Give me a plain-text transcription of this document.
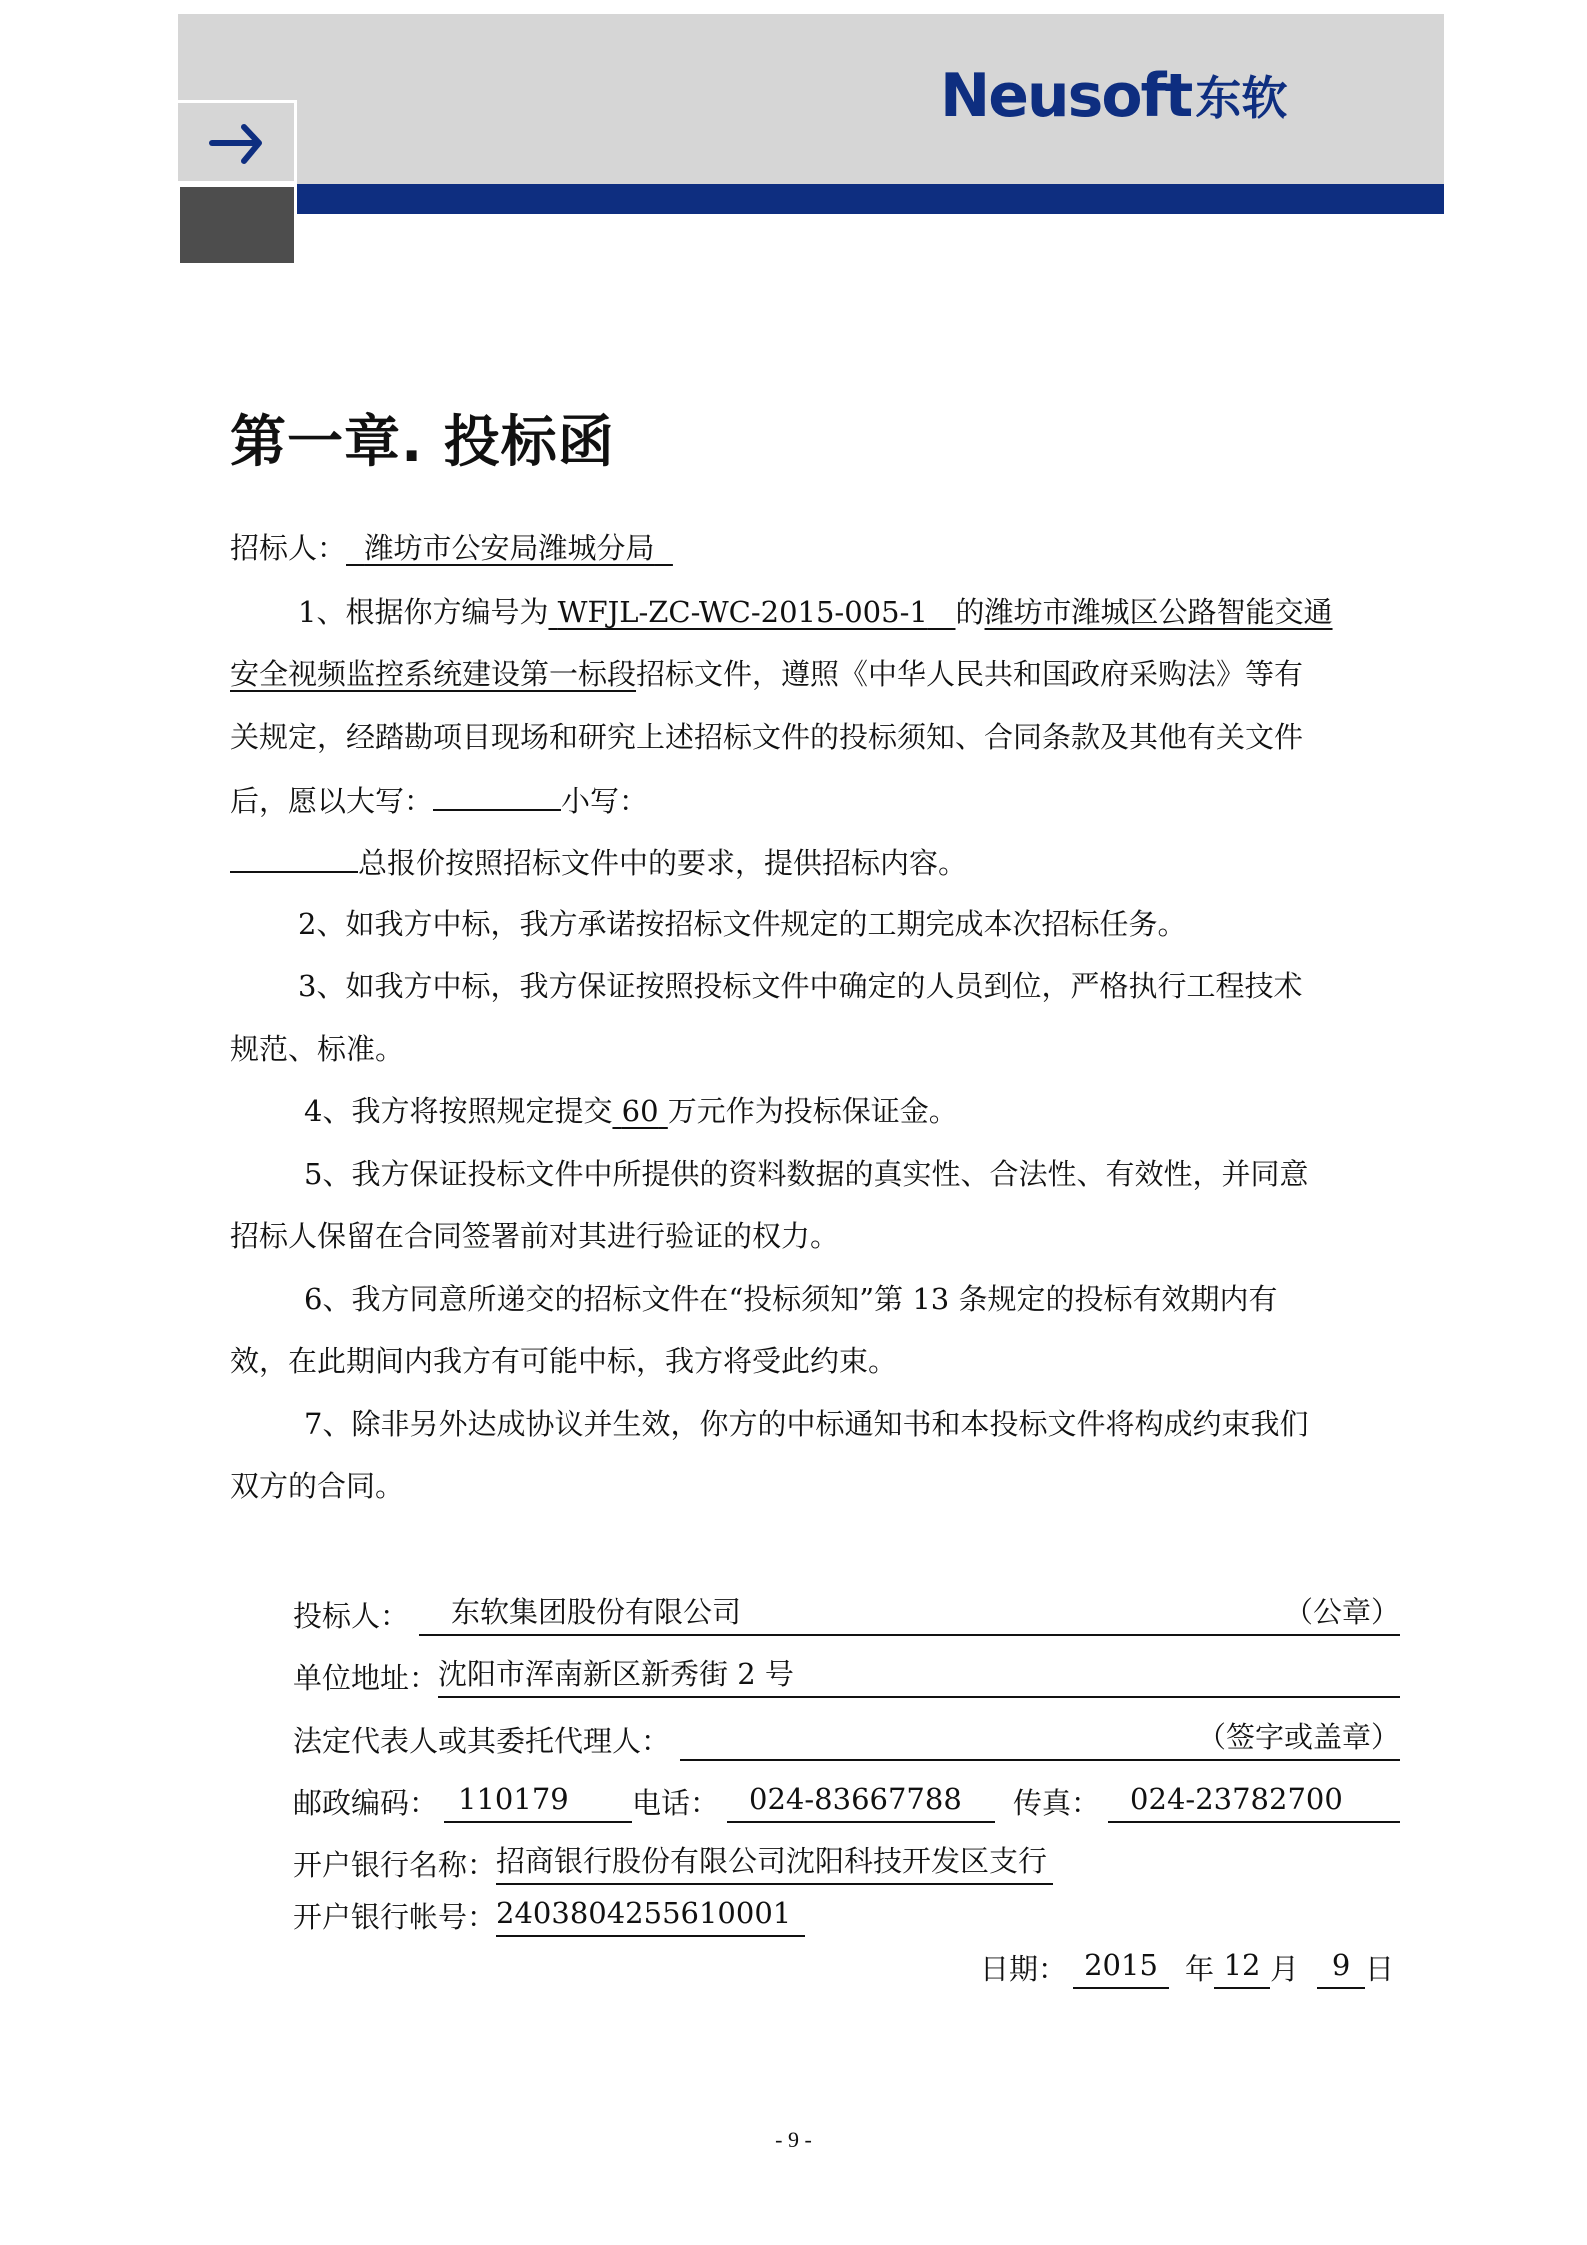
Neusoft 东软
第一章. 投标函
招标人： 潍坊市公安局潍城分局
1、根据你方编号为 WFJL-ZC-WC-2015-005-1 的潍坊市潍城区公路智能交通
安全视频监控系统建设第一标段招标文件，遵照《中华人民共和国政府采购法》等有
关规定，经踏勘项目现场和研究上述招标文件的投标须知、合同条款及其他有关文件
后，愿以大写：	小写：
总报价按照招标文件中的要求，提供招标内容。
2、如我方中标，我方承诺按招标文件规定的工期完成本次招标任务。
3、如我方中标，我方保证按照投标文件中确定的人员到位，严格执行工程技术
规范、标准。
4、我方将按照规定提交 60 万元作为投标保证金。
5、我方保证投标文件中所提供的资料数据的真实性、合法性、有效性，并同意
招标人保留在合同签署前对其进行验证的权力。
6、我方同意所递交的招标文件在“投标须知”第 13 条规定的投标有效期内有
效，在此期间内我方有可能中标，我方将受此约束。
7、除非另外达成协议并生效，你方的中标通知书和本投标文件将构成约束我们
双方的合同。
投标人：	东软集团股份有限公司	（公章）
单位地址： 沈阳市浑南新区新秀街 2 号
法定代表人或其委托代理人：	（签字或盖章）
邮政编码： 110179 电话：	024-83667788 传真：	024-23782700
开户银行名称： 招商银行股份有限公司沈阳科技开发区支行
开户银行帐号： 2403804255610001
日期： 2015 年 12 月 9 日
- 9 -
